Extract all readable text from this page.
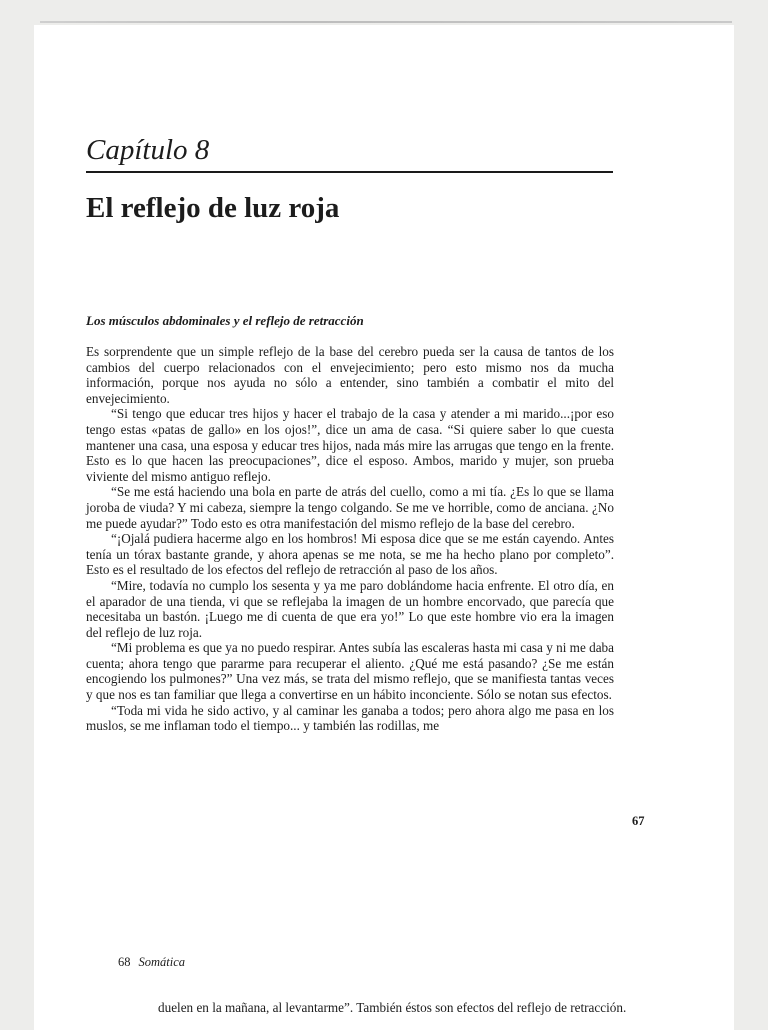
Capítulo 8
El reflejo de luz roja
Los músculos abdominales y el reflejo de retracción

Es sorprendente que un simple reflejo de la base del cerebro pueda ser la causa de tantos de los cambios del cuerpo relacionados con el envejecimiento; pero esto mismo nos da mucha información, porque nos ayuda no sólo a entender, sino también a combatir el mito del envejecimiento.

“Si tengo que educar tres hijos y hacer el trabajo de la casa y atender a mi marido...¡por eso tengo estas «patas de gallo» en los ojos!”, dice un ama de casa. “Si quiere saber lo que cuesta mantener una casa, una esposa y educar tres hijos, nada más mire las arrugas que tengo en la frente. Esto es lo que hacen las preocupaciones”, dice el esposo. Ambos, marido y mujer, son prueba viviente del mismo antiguo reflejo.

“Se me está haciendo una bola en parte de atrás del cuello, como a mi tía. ¿Es lo que se llama joroba de viuda? Y mi cabeza, siempre la tengo colgando. Se me ve horrible, como de anciana. ¿No me puede ayudar?” Todo esto es otra manifestación del mismo reflejo de la base del cerebro.

“¡Ojalá pudiera hacerme algo en los hombros! Mi esposa dice que se me están cayendo. Antes tenía un tórax bastante grande, y ahora apenas se me nota, se me ha hecho plano por completo”. Esto es el resultado de los efectos del reflejo de retracción al paso de los años.

“Mire, todavía no cumplo los sesenta y ya me paro doblándome hacia enfrente. El otro día, en el aparador de una tienda, vi que se reflejaba la imagen de un hombre encorvado, que parecía que necesitaba un bastón. ¡Luego me di cuenta de que era yo!” Lo que este hombre vio era la imagen del reflejo de luz roja.

“Mi problema es que ya no puedo respirar. Antes subía las escaleras hasta mi casa y ni me daba cuenta; ahora tengo que pararme para recuperar el aliento. ¿Qué me está pasando? ¿Se me están encogiendo los pulmones?” Una vez más, se trata del mismo reflejo, que se manifiesta tantas veces y que nos es tan familiar que llega a convertirse en un hábito inconciente. Sólo se notan sus efectos.

“Toda mi vida he sido activo, y al caminar les ganaba a todos; pero ahora algo me pasa en los muslos, se me inflaman todo el tiempo... y también las rodillas, me

67
68 Somática

duelen en la mañana, al levantarme”. También éstos son efectos del reflejo de retracción.
